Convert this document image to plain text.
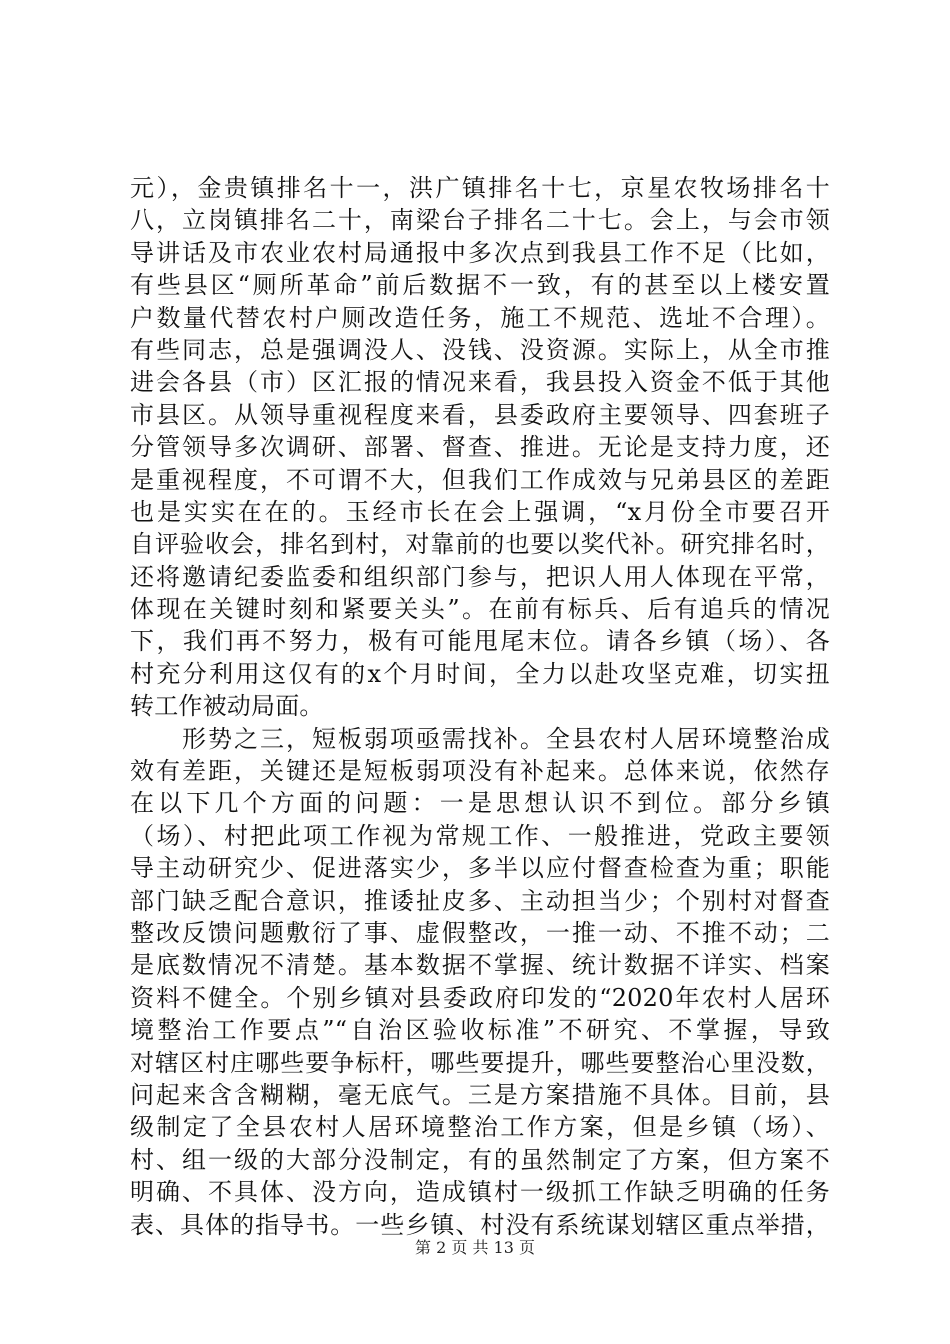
元），金贵镇排名十一，洪广镇排名十七，京星农牧场排名十
八，立岗镇排名二十，南梁台子排名二十七。会上，与会市领
导讲话及市农业农村局通报中多次点到我县工作不足（比如，
有些县区“厕所革命”前后数据不一致，有的甚至以上楼安置
户数量代替农村户厕改造任务，施工不规范、选址不合理）。
有些同志，总是强调没人、没钱、没资源。实际上，从全市推
进会各县（市）区汇报的情况来看，我县投入资金不低于其他
市县区。从领导重视程度来看，县委政府主要领导、四套班子
分管领导多次调研、部署、督查、推进。无论是支持力度，还
是重视程度，不可谓不大，但我们工作成效与兄弟县区的差距
也是实实在在的。玉经市长在会上强调，“x月份全市要召开
自评验收会，排名到村，对靠前的也要以奖代补。研究排名时，
还将邀请纪委监委和组织部门参与，把识人用人体现在平常，
体现在关键时刻和紧要关头”。在前有标兵、后有追兵的情况
下，我们再不努力，极有可能甩尾末位。请各乡镇（场）、各
村充分利用这仅有的x个月时间，全力以赴攻坚克难，切实扭
转工作被动局面。
　　形势之三，短板弱项亟需找补。全县农村人居环境整治成
效有差距，关键还是短板弱项没有补起来。总体来说，依然存
在以下几个方面的问题：一是思想认识不到位。部分乡镇
（场）、村把此项工作视为常规工作、一般推进，党政主要领
导主动研究少、促进落实少，多半以应付督查检查为重；职能
部门缺乏配合意识，推诿扯皮多、主动担当少；个别村对督查
整改反馈问题敷衍了事、虚假整改，一推一动、不推不动；二
是底数情况不清楚。基本数据不掌握、统计数据不详实、档案
资料不健全。个别乡镇对县委政府印发的“2020年农村人居环
境整治工作要点”“自治区验收标准”不研究、不掌握，导致
对辖区村庄哪些要争标杆，哪些要提升，哪些要整治心里没数，
问起来含含糊糊，毫无底气。三是方案措施不具体。目前，县
级制定了全县农村人居环境整治工作方案，但是乡镇（场）、
村、组一级的大部分没制定，有的虽然制定了方案，但方案不
明确、不具体、没方向，造成镇村一级抓工作缺乏明确的任务
表、具体的指导书。一些乡镇、村没有系统谋划辖区重点举措，
第 2 页 共 13 页
